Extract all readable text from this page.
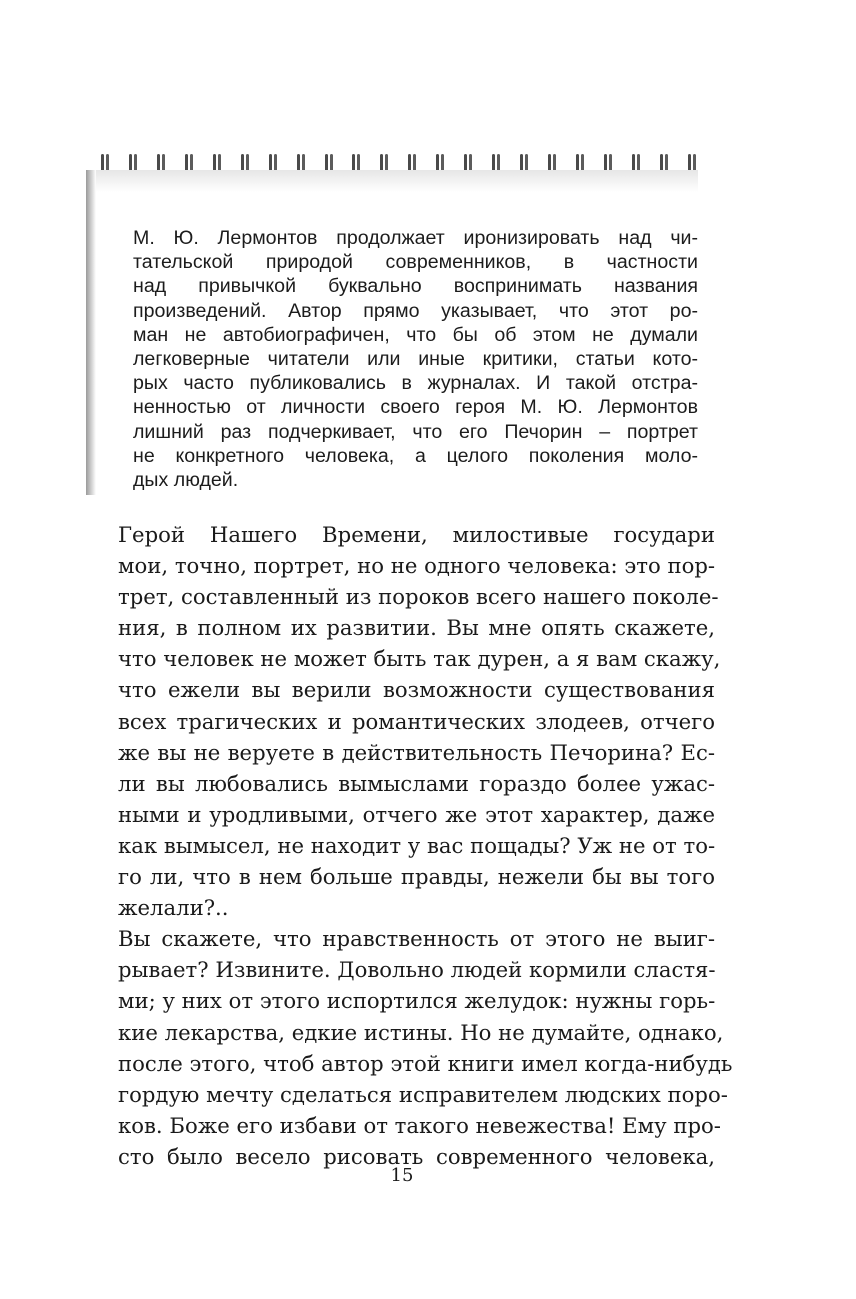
М. Ю. Лермонтов продолжает иронизировать над чи-
тательской природой современников, в частности
над привычкой буквально воспринимать названия
произведений. Автор прямо указывает, что этот ро-
ман не автобиографичен, что бы об этом не думали
легковерные читатели или иные критики, статьи кото-
рых часто публиковались в журналах. И такой отстра-
ненностью от личности своего героя М. Ю. Лермонтов
лишний раз подчеркивает, что его Печорин – портрет
не конкретного человека, а целого поколения моло-
дых людей.

Герой Нашего Времени, милостивые государи
мои, точно, портрет, но не одного человека: это пор-
трет, составленный из пороков всего нашего поколе-
ния, в полном их развитии. Вы мне опять скажете,
что человек не может быть так дурен, а я вам скажу,
что ежели вы верили возможности существования
всех трагических и романтических злодеев, отчего
же вы не веруете в действительность Печорина? Ес-
ли вы любовались вымыслами гораздо более ужас-
ными и уродливыми, отчего же этот характер, даже
как вымысел, не находит у вас пощады? Уж не от то-
го ли, что в нем больше правды, нежели бы вы того
желали?..
Вы скажете, что нравственность от этого не выиг-
рывает? Извините. Довольно людей кормили сластя-
ми; у них от этого испортился желудок: нужны горь-
кие лекарства, едкие истины. Но не думайте, однако,
после этого, чтоб автор этой книги имел когда-нибудь
гордую мечту сделаться исправителем людских поро-
ков. Боже его избави от такого невежества! Ему про-
сто было весело рисовать современного человека,

15
